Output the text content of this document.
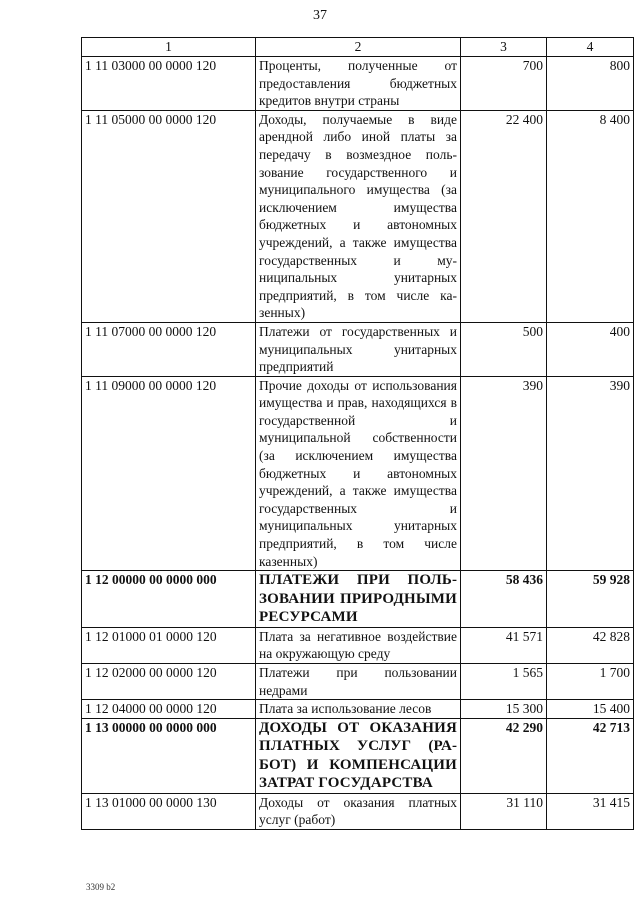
37
1	2	3	4
1 11 03000 00 0000 120	Проценты, полученные от предоставления бюджетных кредитов внутри страны	700	800
1 11 05000 00 0000 120	Доходы, получаемые в виде арендной либо иной платы за передачу в возмездное пользование государственного и муниципального имущества (за исключением имущества бюджетных и автономных учреждений, а также имущества государственных и муниципальных унитарных предприятий, в том числе казенных)	22 400	8 400
1 11 07000 00 0000 120	Платежи от государственных и муниципальных унитарных предприятий	500	400
1 11 09000 00 0000 120	Прочие доходы от использования имущества и прав, находящихся в государственной и муниципальной собственности (за исключением имущества бюджетных и автономных учреждений, а также имущества государственных и муниципальных унитарных предприятий, в том числе казенных)	390	390
1 12 00000 00 0000 000	ПЛАТЕЖИ ПРИ ПОЛЬЗОВАНИИ ПРИРОДНЫМИ РЕСУРСАМИ	58 436	59 928
1 12 01000 01 0000 120	Плата за негативное воздействие на окружающую среду	41 571	42 828
1 12 02000 00 0000 120	Платежи при пользовании недрами	1 565	1 700
1 12 04000 00 0000 120	Плата за использование лесов	15 300	15 400
1 13 00000 00 0000 000	ДОХОДЫ ОТ ОКАЗАНИЯ ПЛАТНЫХ УСЛУГ (РАБОТ) И КОМПЕНСАЦИИ ЗАТРАТ ГОСУДАРСТВА	42 290	42 713
1 13 01000 00 0000 130	Доходы от оказания платных услуг (работ)	31 110	31 415
3309 b2
